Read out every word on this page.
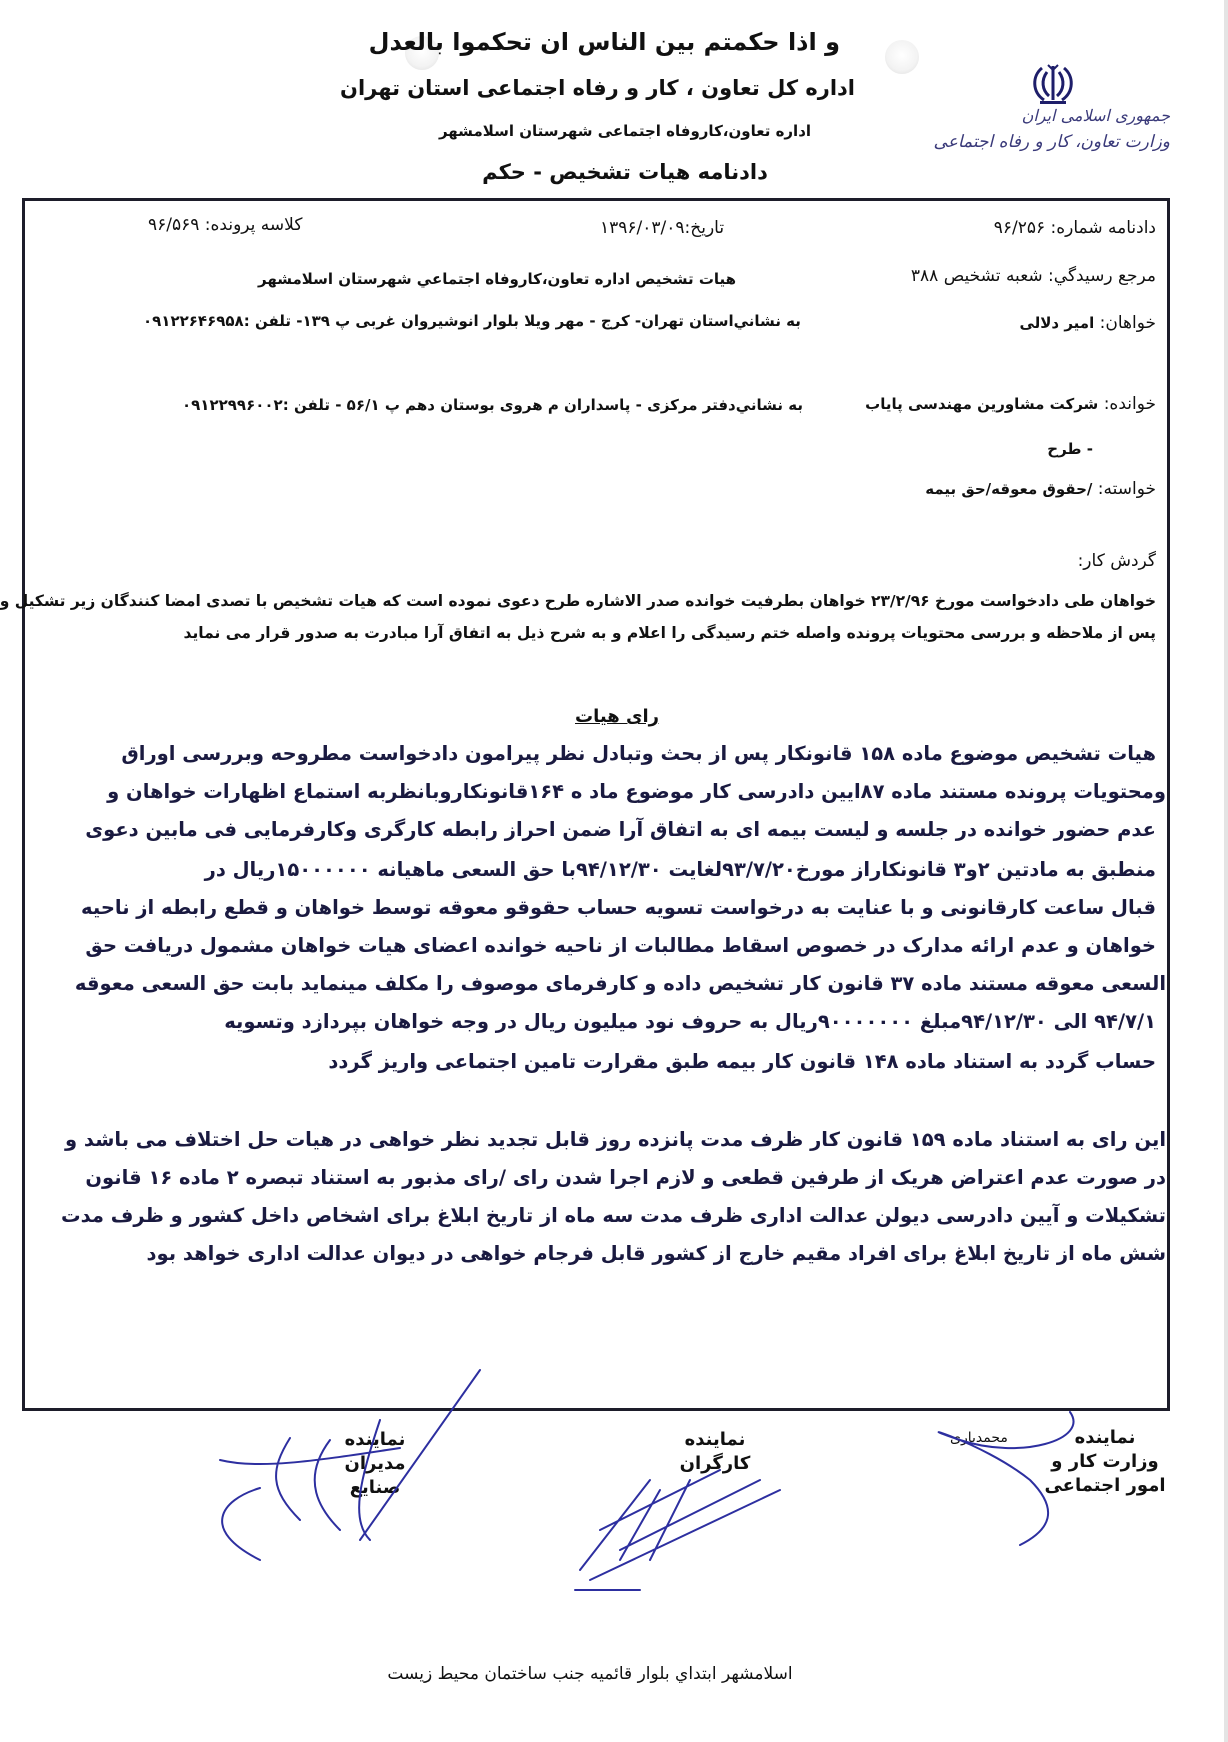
و اذا حکمتم بین الناس ان تحکموا بالعدل
اداره کل تعاون ، کار و رفاه اجتماعی استان تهران
اداره تعاون،کاروفاه اجتماعی شهرستان اسلامشهر
دادنامه هیات تشخیص - حکم
جمهوری اسلامی ایران
وزارت تعاون، کار و رفاه اجتماعی
دادنامه شماره: ۹۶/۲۵۶
تاریخ:۱۳۹۶/۰۳/۰۹
کلاسه پرونده: ۹۶/۵۶۹
مرجع رسیدگي: شعبه تشخیص ۳۸۸
هیات تشخیص اداره تعاون،کاروفاه اجتماعي شهرستان اسلامشهر
خواهان: امیر دلالی
به نشاني‌استان تهران- کرج - مهر ویلا بلوار انوشیروان غربی پ ۱۳۹- تلفن :۰۹۱۲۲۶۴۶۹۵۸
خوانده: شرکت مشاورین مهندسی پایاب
به نشاني‌دفتر مرکزی - پاسداران م هروی بوستان دهم پ ۵۶/۱ - تلفن :۰۹۱۲۲۹۹۶۰۰۲
- طرح
خواسته: /حقوق معوقه/حق بیمه
گردش کار:
خواهان طی دادخواست مورخ ۲۳/۲/۹۶ خواهان بطرفیت خوانده صدر الاشاره طرح دعوی نموده است که هیات تشخیص با تصدی امضا کنندگان زیر تشکیل و
پس از ملاحظه و بررسی محتویات پرونده واصله ختم رسیدگی را اعلام و به شرح ذیل به اتفاق آرا مبادرت به صدور قرار می نماید
رای هیات
هیات تشخیص موضوع ماده ۱۵۸ قانونکار پس از بحث وتبادل نظر پیرامون دادخواست مطروحه وبررسی اوراق
ومحتویات پرونده مستند ماده ۸۷ایین دادرسی کار موضوع ماد ه ۱۶۴قانونکاروبانظربه استماع اظهارات خواهان و
عدم حضور خوانده در جلسه و لیست بیمه ای به اتفاق آرا ضمن احراز رابطه کارگری وکارفرمایی فی مابین دعوی
منطبق به مادتین ۲و۳ قانونکاراز مورخ۹۳/۷/۲۰لغایت ۹۴/۱۲/۳۰با حق السعی ماهیانه ۱۵۰۰۰۰۰۰ریال در
قبال ساعت کارقانونی و با عنایت به درخواست تسویه حساب حقوقو معوقه توسط خواهان و قطع رابطه از ناحیه
خواهان و عدم ارائه مدارک در خصوص اسقاط مطالبات از ناحیه خوانده اعضای هیات خواهان مشمول دریافت حق
السعی معوقه مستند ماده ۳۷ قانون کار تشخیص داده و کارفرمای موصوف را مکلف مینماید بابت حق السعی معوقه
۹۴/۷/۱ الی ۹۴/۱۲/۳۰مبلغ ۹۰۰۰۰۰۰۰ریال به حروف نود میلیون ریال در وجه خواهان بپردازد وتسویه
حساب گردد به استناد ماده ۱۴۸ قانون کار بیمه طبق مقرارت تامین اجتماعی واریز گردد
این رای به استناد ماده ۱۵۹ قانون کار ظرف مدت پانزده روز قابل تجدید نظر خواهی در هیات حل اختلاف می باشد و
در صورت عدم اعتراض هریک از طرفین قطعی و لازم اجرا شدن رای /رای مذبور به استناد تبصره ۲ ماده ۱۶ قانون
تشکیلات و آیین دادرسی دیولن عدالت اداری ظرف مدت سه ماه از تاریخ ابلاغ برای اشخاص داخل کشور و ظرف مدت
شش ماه از تاریخ ابلاغ برای افراد مقیم خارج از کشور قابل فرجام خواهی در دیوان عدالت اداری خواهد بود
نماینده
وزارت کار و
امور اجتماعی
محمدیاری
نماینده
کارگران
نماینده
مدیران
صنایع
اسلامشهر ابتداي بلوار قائمیه جنب ساختمان محیط زیست
